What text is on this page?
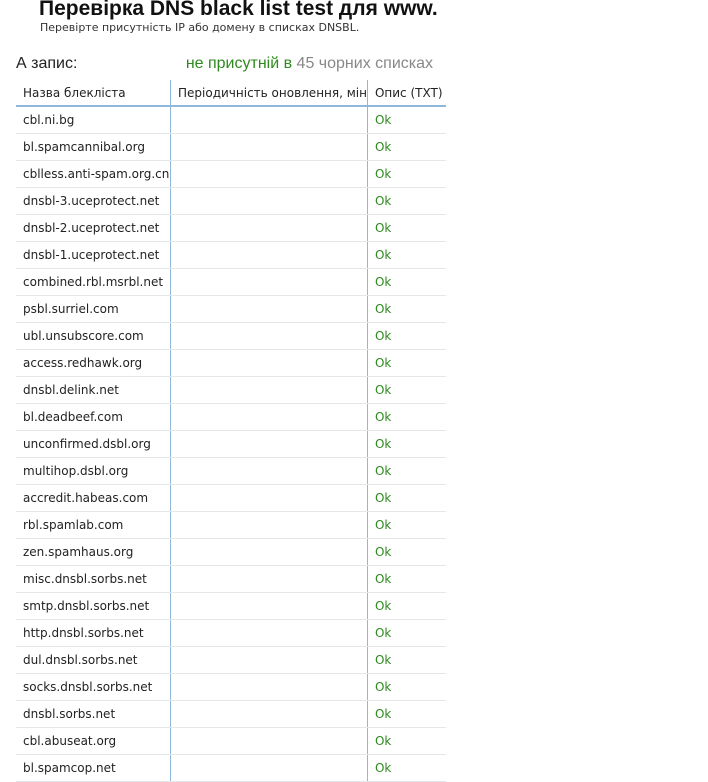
Перевірка DNS black list test для www.
Перевірте присутність IP або домену в списках DNSBL.
А запис:	не присутній в 45 чорних списках
Назва блекліста	Періодичність оновлення, мін	Опис (TXT)
cbl.ni.bg		Ok
bl.spamcannibal.org		Ok
cblless.anti-spam.org.cn		Ok
dnsbl-3.uceprotect.net		Ok
dnsbl-2.uceprotect.net		Ok
dnsbl-1.uceprotect.net		Ok
combined.rbl.msrbl.net		Ok
psbl.surriel.com		Ok
ubl.unsubscore.com		Ok
access.redhawk.org		Ok
dnsbl.delink.net		Ok
bl.deadbeef.com		Ok
unconfirmed.dsbl.org		Ok
multihop.dsbl.org		Ok
accredit.habeas.com		Ok
rbl.spamlab.com		Ok
zen.spamhaus.org		Ok
misc.dnsbl.sorbs.net		Ok
smtp.dnsbl.sorbs.net		Ok
http.dnsbl.sorbs.net		Ok
dul.dnsbl.sorbs.net		Ok
socks.dnsbl.sorbs.net		Ok
dnsbl.sorbs.net		Ok
cbl.abuseat.org		Ok
bl.spamcop.net		Ok
